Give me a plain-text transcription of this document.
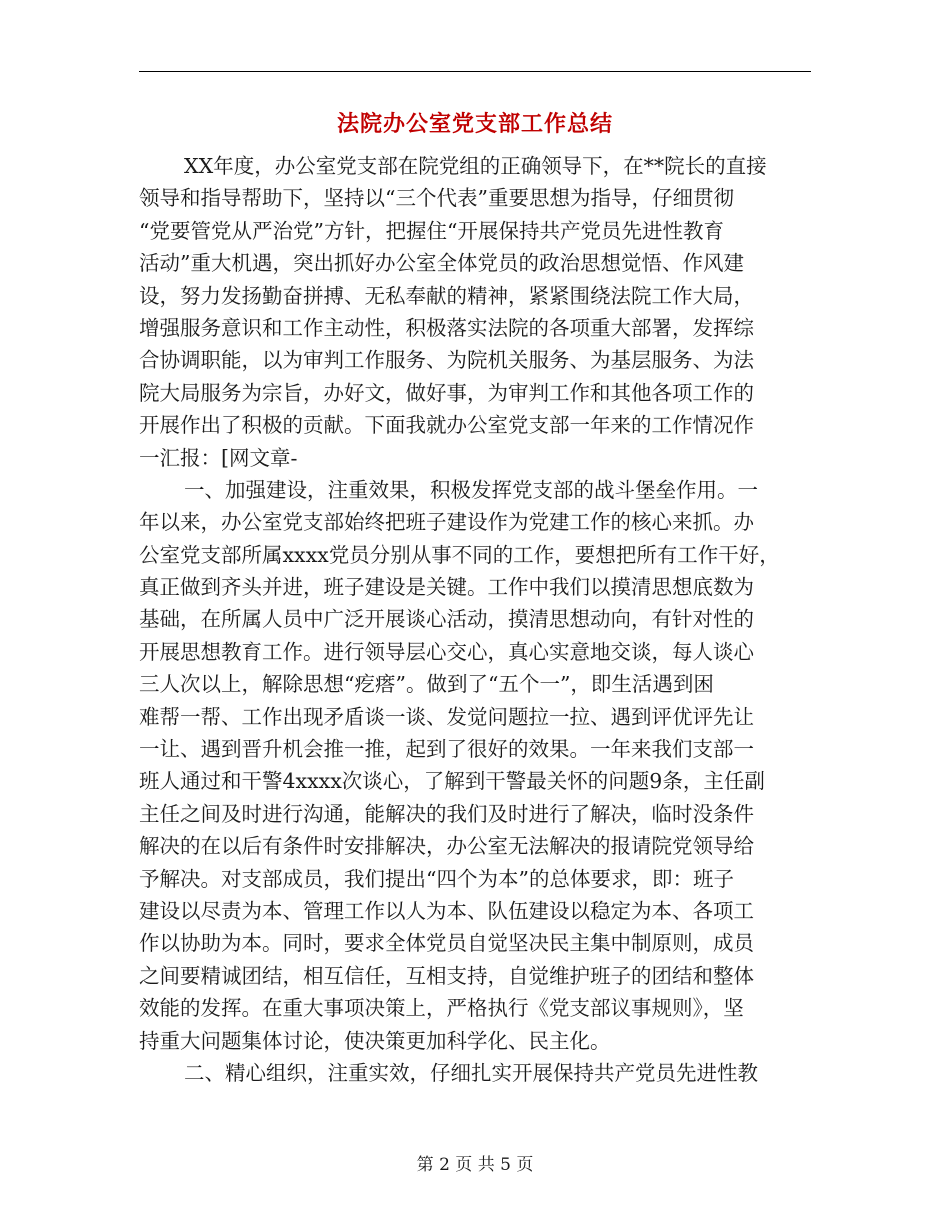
法院办公室党支部工作总结
XX年度，办公室党支部在院党组的正确领导下，在**院长的直接
领导和指导帮助下，坚持以“三个代表”重要思想为指导，仔细贯彻
“党要管党从严治党”方针，把握住“开展保持共产党员先进性教育
活动”重大机遇，突出抓好办公室全体党员的政治思想觉悟、作风建
设，努力发扬勤奋拼搏、无私奉献的精神，紧紧围绕法院工作大局，
增强服务意识和工作主动性，积极落实法院的各项重大部署，发挥综
合协调职能，以为审判工作服务、为院机关服务、为基层服务、为法
院大局服务为宗旨，办好文，做好事，为审判工作和其他各项工作的
开展作出了积极的贡献。下面我就办公室党支部一年来的工作情况作
一汇报：[网文章-
一、加强建设，注重效果，积极发挥党支部的战斗堡垒作用。一
年以来，办公室党支部始终把班子建设作为党建工作的核心来抓。办
公室党支部所属xxxx党员分别从事不同的工作，要想把所有工作干好，
真正做到齐头并进，班子建设是关键。工作中我们以摸清思想底数为
基础，在所属人员中广泛开展谈心活动，摸清思想动向，有针对性的
开展思想教育工作。进行领导层心交心，真心实意地交谈，每人谈心
三人次以上，解除思想“疙瘩”。做到了“五个一”，即生活遇到困
难帮一帮、工作出现矛盾谈一谈、发觉问题拉一拉、遇到评优评先让
一让、遇到晋升机会推一推，起到了很好的效果。一年来我们支部一
班人通过和干警4xxxx次谈心，了解到干警最关怀的问题9条，主任副
主任之间及时进行沟通，能解决的我们及时进行了解决，临时没条件
解决的在以后有条件时安排解决，办公室无法解决的报请院党领导给
予解决。对支部成员，我们提出“四个为本”的总体要求，即：班子
建设以尽责为本、管理工作以人为本、队伍建设以稳定为本、各项工
作以协助为本。同时，要求全体党员自觉坚决民主集中制原则，成员
之间要精诚团结，相互信任，互相支持，自觉维护班子的团结和整体
效能的发挥。在重大事项决策上，严格执行《党支部议事规则》，坚
持重大问题集体讨论，使决策更加科学化、民主化。
二、精心组织，注重实效，仔细扎实开展保持共产党员先进性教
第 2 页 共 5 页
